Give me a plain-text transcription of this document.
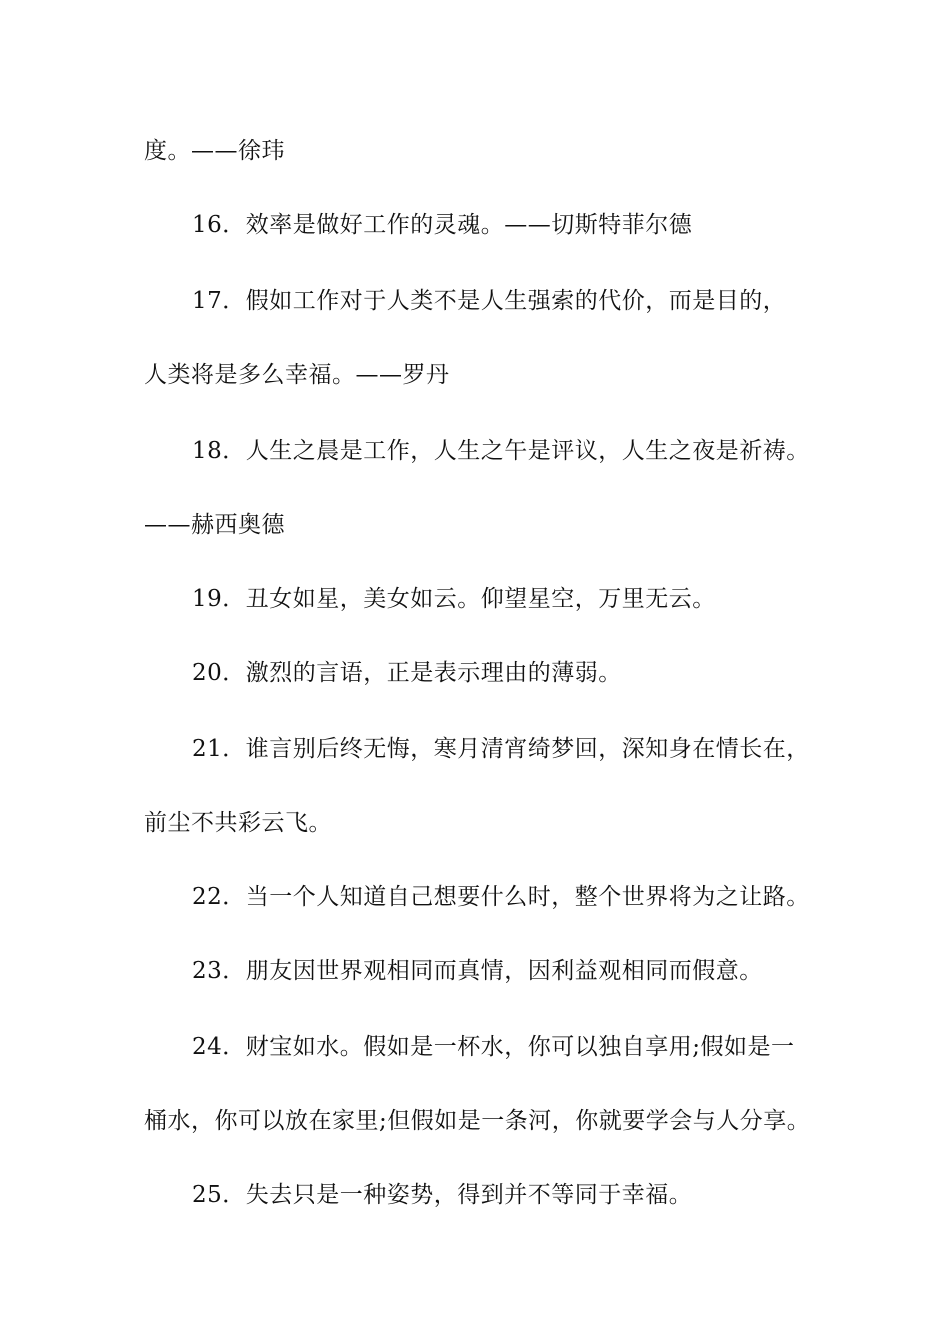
度。——徐玮
16．效率是做好工作的灵魂。——切斯特菲尔德
17．假如工作对于人类不是人生强索的代价，而是目的，
人类将是多么幸福。——罗丹
18．人生之晨是工作，人生之午是评议，人生之夜是祈祷。
——赫西奥德
19．丑女如星，美女如云。仰望星空，万里无云。
20．激烈的言语，正是表示理由的薄弱。
21．谁言别后终无悔，寒月清宵绮梦回，深知身在情长在，
前尘不共彩云飞。
22．当一个人知道自己想要什么时，整个世界将为之让路。
23．朋友因世界观相同而真情，因利益观相同而假意。
24．财宝如水。假如是一杯水，你可以独自享用;假如是一
桶水，你可以放在家里;但假如是一条河，你就要学会与人分享。
25．失去只是一种姿势，得到并不等同于幸福。
